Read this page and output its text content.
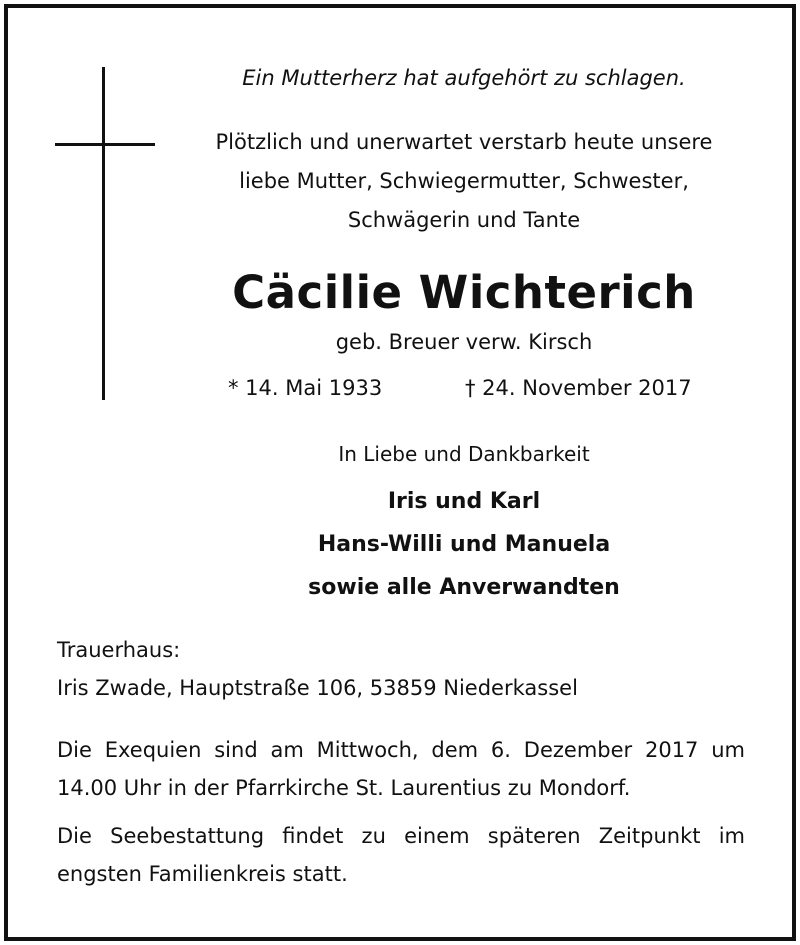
Ein Mutterherz hat aufgehört zu schlagen.
Plötzlich und unerwartet verstarb heute unsere
liebe Mutter, Schwiegermutter, Schwester,
Schwägerin und Tante
Cäcilie Wichterich
geb. Breuer verw. Kirsch
* 14. Mai 1933	† 24. November 2017
In Liebe und Dankbarkeit
Iris und Karl
Hans-Willi und Manuela
sowie alle Anverwandten
Trauerhaus:
Iris Zwade, Hauptstraße 106, 53859 Niederkassel
Die Exequien sind am Mittwoch, dem 6. Dezember 2017 um
14.00 Uhr in der Pfarrkirche St. Laurentius zu Mondorf.
Die Seebestattung findet zu einem späteren Zeitpunkt im
engsten Familienkreis statt.
